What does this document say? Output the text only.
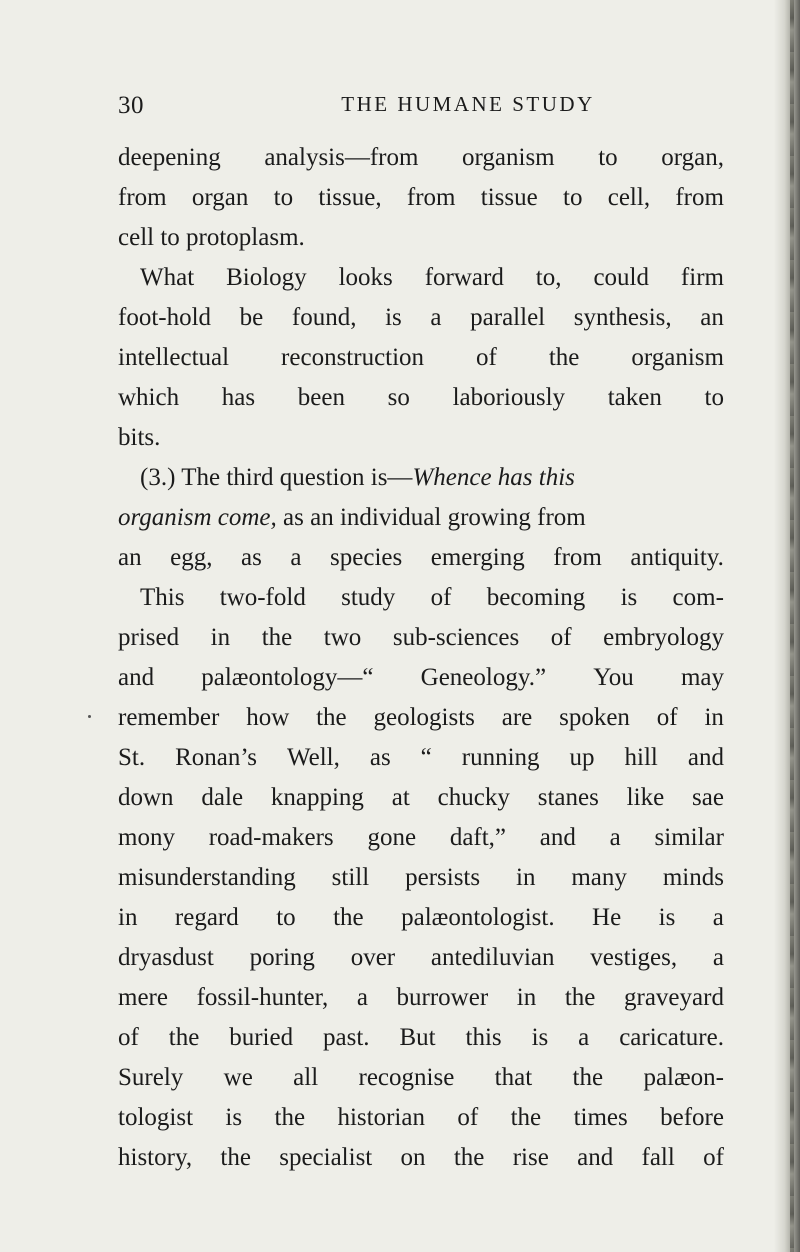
30	THE HUMANE STUDY
deepening analysis—from organism to organ,
from organ to tissue, from tissue to cell, from
cell to protoplasm.
What Biology looks forward to, could firm
foot-hold be found, is a parallel synthesis, an
intellectual reconstruction of the organism
which has been so laboriously taken to
bits.
(3.) The third question is— Whence has this
organism come, as an individual growing from
an egg, as a species emerging from antiquity.
This two-fold study of becoming is com-
prised in the two sub-sciences of embryology
and palæontology—“ Geneology.” You may
remember how the geologists are spoken of in
St. Ronan’s Well, as “ running up hill and
down dale knapping at chucky stanes like sae
mony road-makers gone daft,” and a similar
misunderstanding still persists in many minds
in regard to the palæontologist. He is a
dryasdust poring over antediluvian vestiges, a
mere fossil-hunter, a burrower in the graveyard
of the buried past. But this is a caricature.
Surely we all recognise that the palæon-
tologist is the historian of the times before
history, the specialist on the rise and fall of
